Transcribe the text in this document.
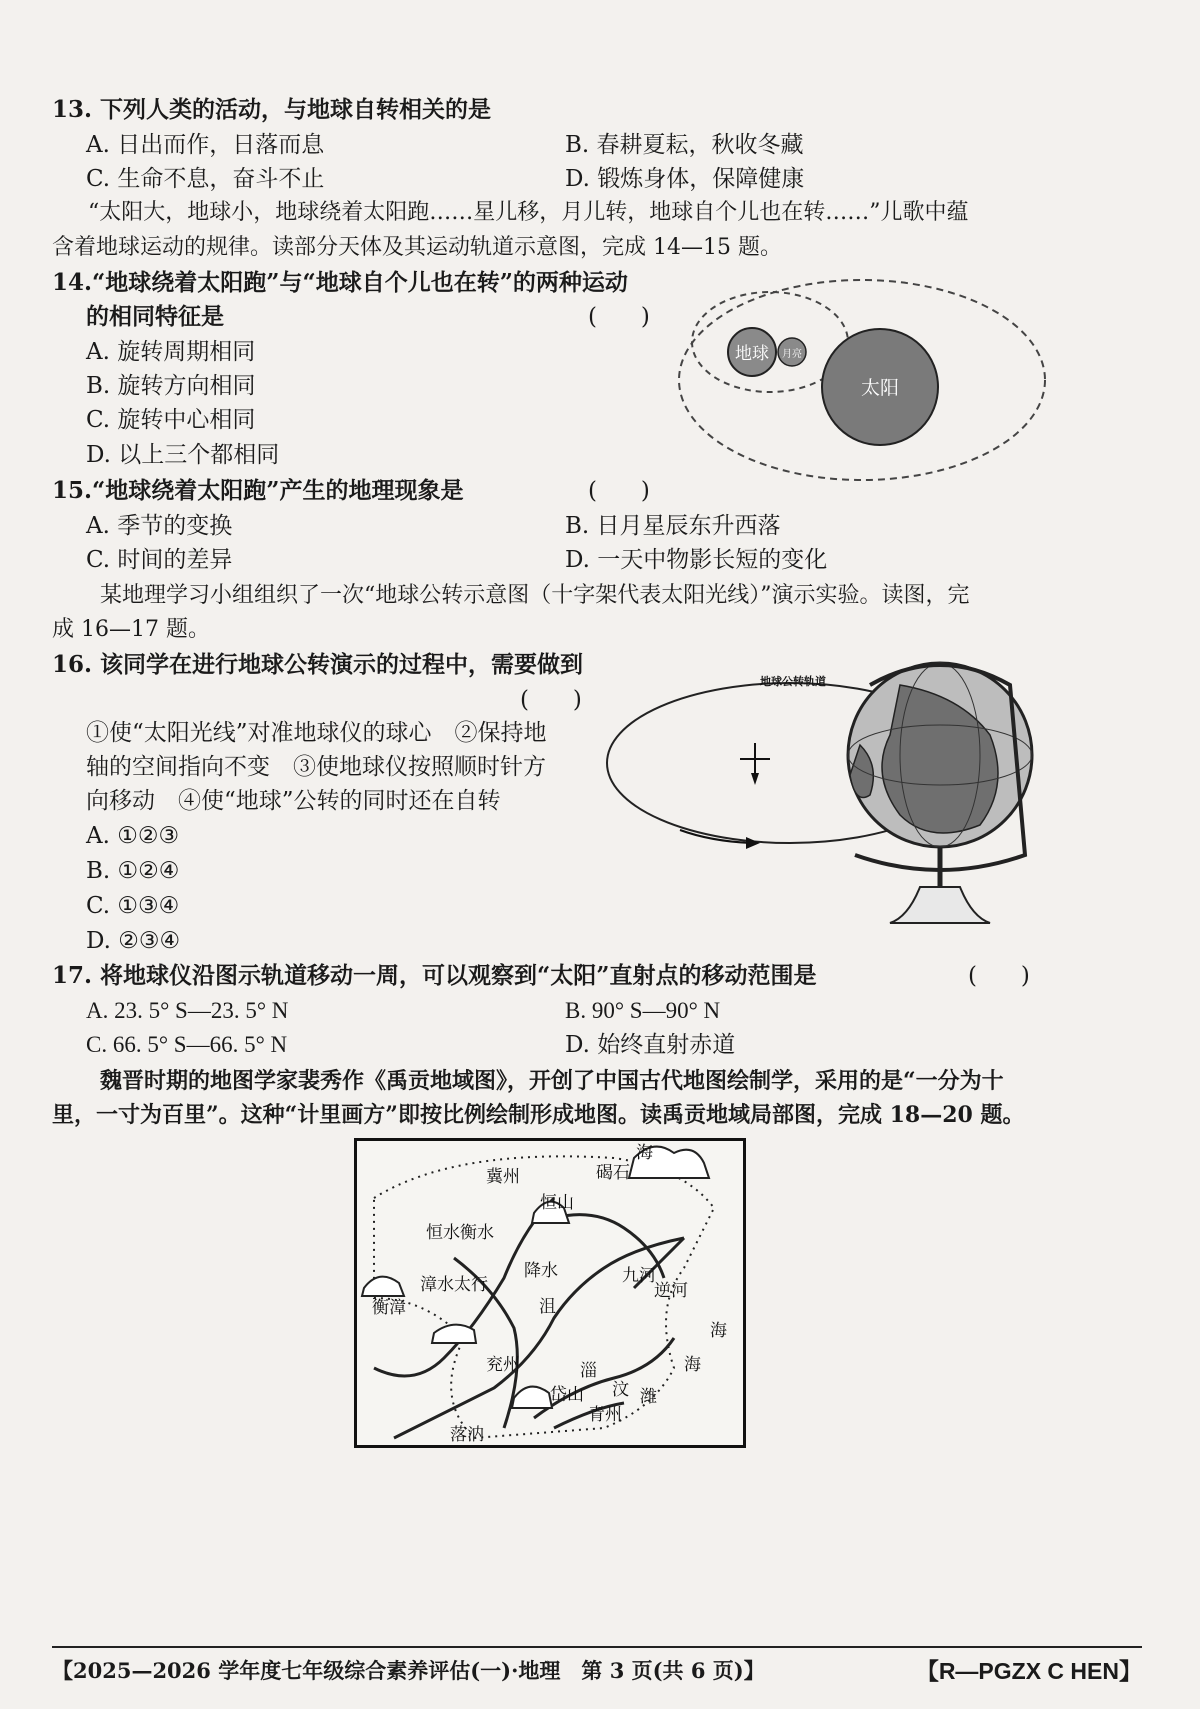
13. 下列人类的活动，与地球自转相关的是
A. 日出而作，日落而息	B. 春耕夏耘，秋收冬藏
C. 生命不息，奋斗不止	D. 锻炼身体，保障健康
“太阳大，地球小，地球绕着太阳跑……星儿移，月儿转，地球自个儿也在转……”儿歌中蕴
含着地球运动的规律。读部分天体及其运动轨道示意图，完成 14—15 题。
14.“地球绕着太阳跑”与“地球自个儿也在转”的两种运动
的相同特征是	(      )
A. 旋转周期相同
B. 旋转方向相同
C. 旋转中心相同
D. 以上三个都相同
地球 月亮
太阳
15.“地球绕着太阳跑”产生的地理现象是	(      )
A. 季节的变换	B. 日月星辰东升西落
C. 时间的差异	D. 一天中物影长短的变化
某地理学习小组组织了一次“地球公转示意图（十字架代表太阳光线）”演示实验。读图，完
成 16—17 题。
16. 该同学在进行地球公转演示的过程中，需要做到
(      )
①使“太阳光线”对准地球仪的球心　②保持地
轴的空间指向不变　③使地球仪按照顺时针方
向移动　④使“地球”公转的同时还在自转
A. ①②③
B. ①②④
C. ①③④
D. ②③④
地球公转轨道
17. 将地球仪沿图示轨道移动一周，可以观察到“太阳”直射点的移动范围是	(      )
A. 23. 5° S—23. 5° N	B. 90° S—90° N
C. 66. 5° S—66. 5° N	D. 始终直射赤道
魏晋时期的地图学家裴秀作《禹贡地域图》，开创了中国古代地图绘制学，采用的是“一分为十
里，一寸为百里”。这种“计里画方”即按比例绘制形成地图。读禹贡地域局部图，完成 18—20 题。
海
冀州	碣石
恒山
恒水衡水
降水
漳水太行	九河
逆河
衡漳	沮
海
海
兖州	淄
汶 潍
岱山
青州
落汭
【2025—2026 学年度七年级综合素养评估(一)·地理　第 3 页(共 6 页)】	【R—PGZX C HEN】
